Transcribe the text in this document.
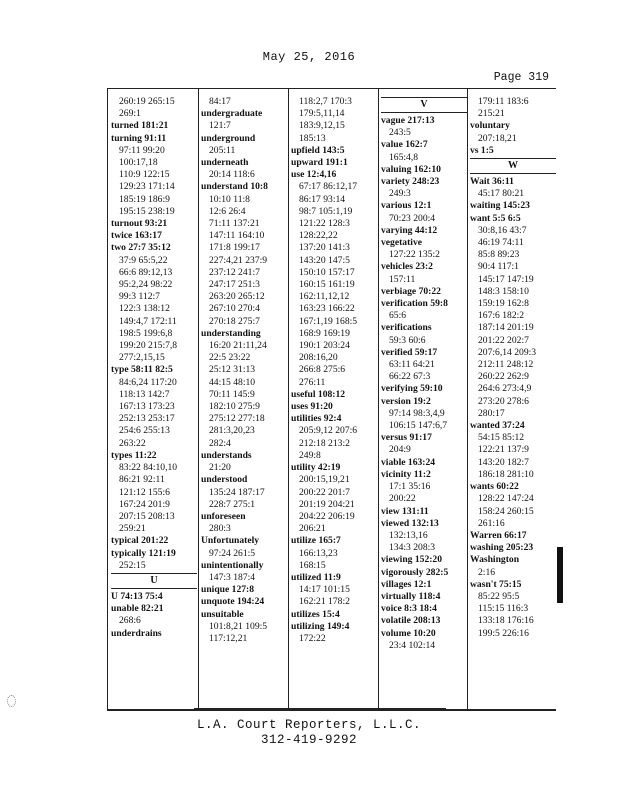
May 25, 2016
Page 319
260:19 265:15
269:1
turned 181:21
turning 91:11
97:11 99:20
100:17,18
110:9 122:15
129:23 171:14
185:19 186:9
195:15 238:19
turnout 93:21
twice 163:17
two 27:7 35:12
37:9 65:5,22
66:6 89:12,13
95:2,24 98:22
99:3 112:7
122:3 138:12
149:4,7 172:11
198:5 199:6,8
199:20 215:7,8
277:2,15,15
type 58:11 82:5
84:6,24 117:20
118:13 142:7
167:13 173:23
252:13 253:17
254:6 255:13
263:22
types 11:22
83:22 84:10,10
86:21 92:11
121:12 155:6
167:24 201:9
207:15 208:13
259:21
typical 201:22
typically 121:19
252:15
U
U 74:13 75:4
unable 82:21
268:6
underdrains
84:17
undergraduate
121:7
underground
205:11
underneath
20:14 118:6
understand 10:8
10:10 11:8
12:6 26:4
71:11 137:21
147:11 164:10
171:8 199:17
227:4,21 237:9
237:12 241:7
247:17 251:3
263:20 265:12
267:10 270:4
270:18 275:7
understanding
16:20 21:11,24
22:5 23:22
25:12 31:13
44:15 48:10
70:11 145:9
182:10 275:9
275:12 277:18
281:3,20,23
282:4
understands
21:20
understood
135:24 187:17
228:7 275:1
unforeseen
280:3
Unfortunately
97:24 261:5
unintentionally
147:3 187:4
unique 127:8
unquote 194:24
unsuitable
101:8,21 109:5
117:12,21
118:2,7 170:3
179:5,11,14
183:9,12,15
185:13
upfield 143:5
upward 191:1
use 12:4,16
67:17 86:12,17
86:17 93:14
98:7 105:1,19
121:22 128:3
128:22,22
137:20 141:3
143:20 147:5
150:10 157:17
160:15 161:19
162:11,12,12
163:23 166:22
167:1,19 168:5
168:9 169:19
190:1 203:24
208:16,20
266:8 275:6
276:11
useful 108:12
uses 91:20
utilities 92:4
205:9,12 207:6
212:18 213:2
249:8
utility 42:19
200:15,19,21
200:22 201:7
201:19 204:21
204:22 206:19
206:21
utilize 165:7
166:13,23
168:15
utilized 11:9
14:17 101:15
162:21 178:2
utilizes 15:4
utilizing 149:4
172:22
V
vague 217:13
243:5
value 162:7
165:4,8
valuing 162:10
variety 248:23
249:3
various 12:1
70:23 200:4
varying 44:12
vegetative
127:22 135:2
vehicles 23:2
157:11
verbiage 70:22
verification 59:8
65:6
verifications
59:3 60:6
verified 59:17
63:11 64:21
66:22 67:3
verifying 59:10
version 19:2
97:14 98:3,4,9
106:15 147:6,7
versus 91:17
204:9
viable 163:24
vicinity 11:2
17:1 35:16
200:22
view 131:11
viewed 132:13
132:13,16
134:3 208:3
viewing 152:20
vigorously 282:5
villages 12:1
virtually 118:4
voice 8:3 18:4
volatile 208:13
volume 10:20
23:4 102:14
179:11 183:6
215:21
voluntary
207:18,21
vs 1:5
W
Wait 36:11
45:17 80:21
waiting 145:23
want 5:5 6:5
30:8,16 43:7
46:19 74:11
85:8 89:23
90:4 117:1
145:17 147:19
148:3 158:10
159:19 162:8
167:6 182:2
187:14 201:19
201:22 202:7
207:6,14 209:3
212:11 248:12
260:22 262:9
264:6 273:4,9
273:20 278:6
280:17
wanted 37:24
54:15 85:12
122:21 137:9
143:20 182:7
186:18 281:10
wants 60:22
128:22 147:24
158:24 260:15
261:16
Warren 66:17
washing 205:23
Washington
2:16
wasn't 75:15
85:22 95:5
115:15 116:3
133:18 176:16
199:5 226:16
L.A. Court Reporters, L.L.C.
312-419-9292
